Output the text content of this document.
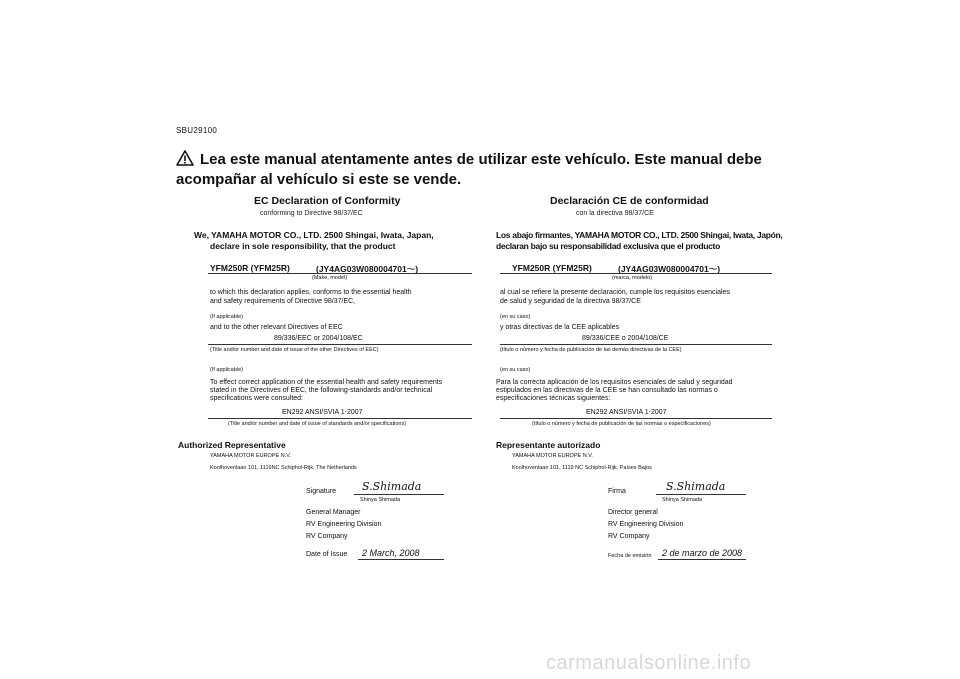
SBU29100
Lea este manual atentamente antes de utilizar este vehículo. Este manual debe acompañar al vehículo si este se vende.
EC Declaration of Conformity
conforming to Directive 98/37/EC
We, YAMAHA MOTOR CO., LTD. 2500 Shingai, Iwata, Japan,
declare in sole responsibility, that the product
YFM250R (YFM25R)	(JY4AG03W080004701～)
(Make, model)
to which this declaration applies, conforms to the essential health
and safety requirements of Directive 98/37/EC,
(If applicable)
and to the other relevant Directives of EEC
89/336/EEC or 2004/108/EC
(Title and/or number and date of issue of the other Directives of EEC)
(If applicable)
To effect correct application of the essential health and safety requirements
stated in the Directives of EEC, the following-standards and/or technical
specifications were consulted:
EN292 ANSI/SVIA 1-2007
(Title and/or number and date of issue of standards and/or specifications)
Authorized Representative
YAMAHA MOTOR EUROPE N.V.
Koolhovenlaan 101, 1119NC Schiphol-Rijk, The Netherlands
Signature S.Shimada
Shinya Shimada
General Manager
RV Engineering Division
RV Company
Date of Issue 2 March, 2008
Declaración CE de conformidad
con la directiva 98/37/CE
Los abajo firmantes, YAMAHA MOTOR CO., LTD. 2500 Shingai, Iwata, Japón,
declaran bajo su responsabilidad exclusiva que el producto
YFM250R (YFM25R)	(JY4AG03W080004701～)
(marca, modelo)
al cual se refiere la presente declaración, cumple los requisitos esenciales
de salud y seguridad de la directiva 98/37/CE
(en su caso)
y otras directivas de la CEE aplicables
89/336/CEE o 2004/108/CE
(título o número y fecha de publicación de las demás directivas de la CEE)
(en su caso)
Para la correcta aplicación de los requisitos esenciales de salud y seguridad
estipulados en las directivas de la CEE se han consultado las normas o
especificaciones técnicas siguientes:
EN292 ANSI/SVIA 1-2007
(título o número y fecha de publicación de las normas o especificaciones)
Representante autorizado
YAMAHA MOTOR EUROPE N.V.
Koolhovenlaan 101, 1119 NC Schiphol-Rijk, Países Bajos
Firma	S.Shimada
Shinya Shimada
Director general
RV Engineering Division
RV Company
Fecha de emisión 2 de marzo de 2008
carmanualsonline.info
